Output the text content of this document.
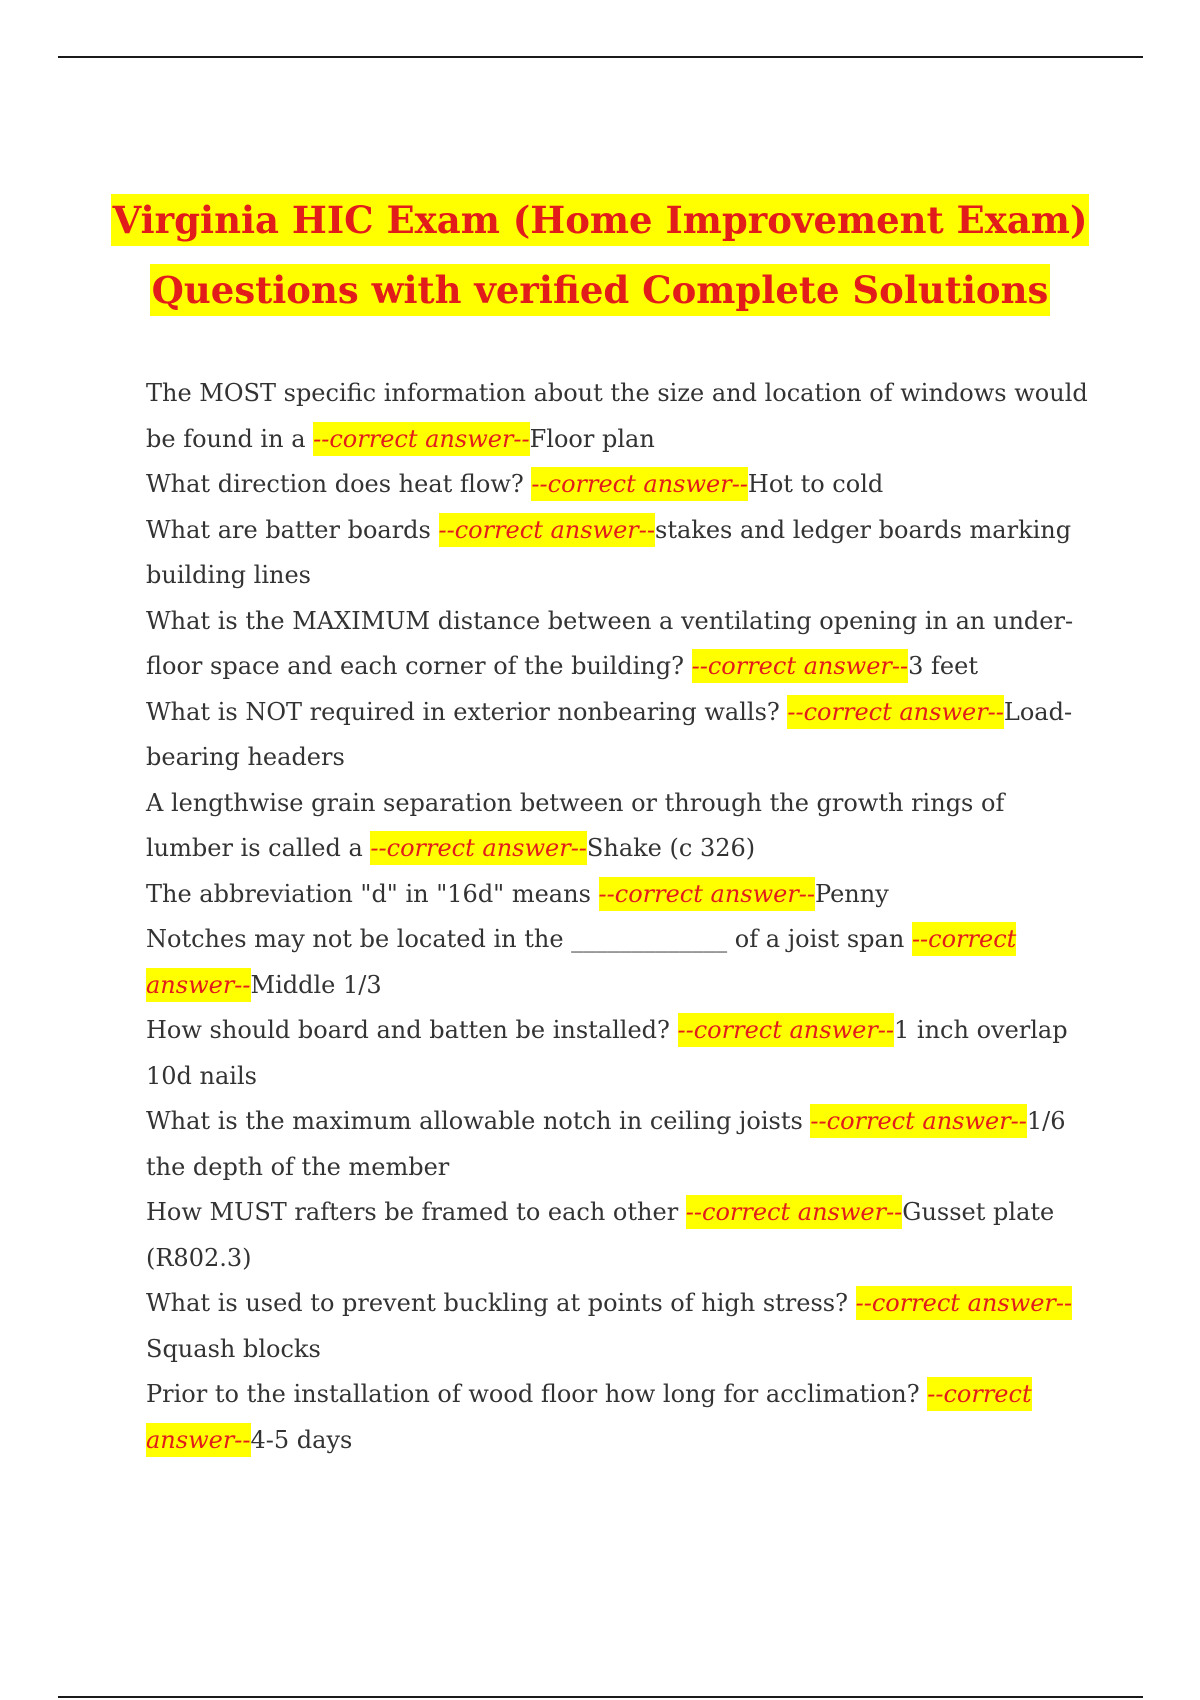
Virginia HIC Exam (Home Improvement Exam)
Questions with verified Complete Solutions

The MOST specific information about the size and location of windows would be found in a --correct answer--Floor plan

What direction does heat flow? --correct answer--Hot to cold

What are batter boards --correct answer--stakes and ledger boards marking building lines

What is the MAXIMUM distance between a ventilating opening in an under-floor space and each corner of the building? --correct answer--3 feet

What is NOT required in exterior nonbearing walls? --correct answer--Load-bearing headers

A lengthwise grain separation between or through the growth rings of lumber is called a --correct answer--Shake (c 326)

The abbreviation "d" in "16d" means --correct answer--Penny

Notches may not be located in the _____________ of a joist span --correct answer--Middle 1/3

How should board and batten be installed? --correct answer--1 inch overlap 10d nails

What is the maximum allowable notch in ceiling joists --correct answer--1/6 the depth of the member

How MUST rafters be framed to each other --correct answer--Gusset plate (R802.3)

What is used to prevent buckling at points of high stress? --correct answer--Squash blocks

Prior to the installation of wood floor how long for acclimation? --correct answer--4-5 days
